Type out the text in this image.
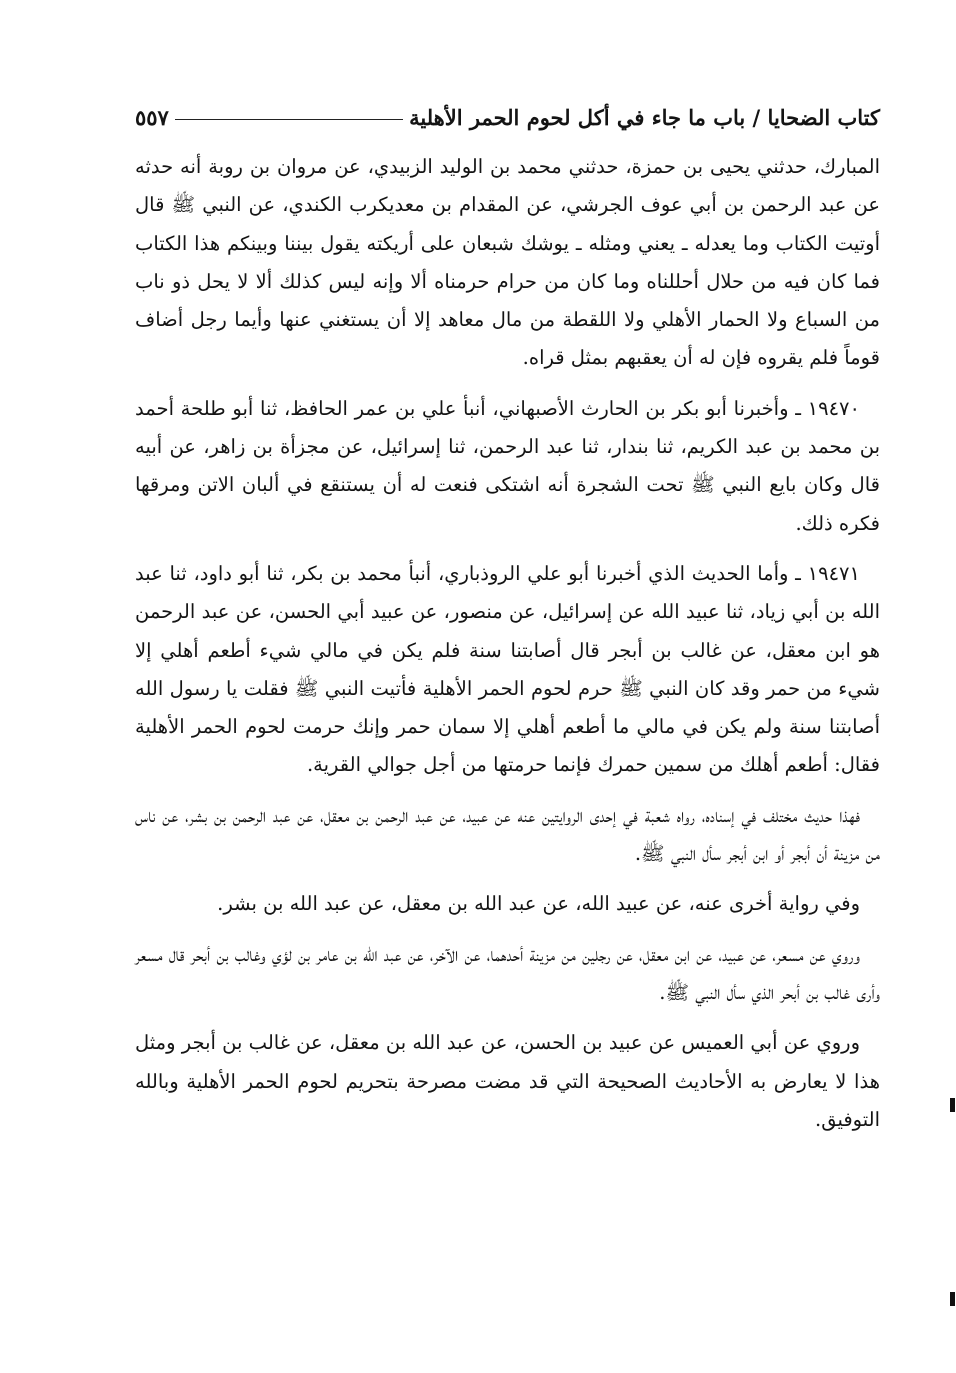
كتاب الضحايا / باب ما جاء في أكل لحوم الحمر الأهلية
٥٥٧

المبارك، حدثني يحيى بن حمزة، حدثني محمد بن الوليد الزبيدي، عن مروان بن روبة أنه حدثه عن عبد الرحمن بن أبي عوف الجرشي، عن المقدام بن معديكرب الكندي، عن النبي ﷺ قال أوتيت الكتاب وما يعدله ـ يعني ومثله ـ يوشك شبعان على أريكته يقول بيننا وبينكم هذا الكتاب فما كان فيه من حلال أحللناه وما كان من حرام حرمناه ألا وإنه ليس كذلك ألا لا يحل ذو ناب من السباع ولا الحمار الأهلي ولا اللقطة من مال معاهد إلا أن يستغني عنها وأيما رجل أضاف قوماً فلم يقروه فإن له أن يعقبهم بمثل قراه.

١٩٤٧٠ ـ وأخبرنا أبو بكر بن الحارث الأصبهاني، أنبأ علي بن عمر الحافظ، ثنا أبو طلحة أحمد بن محمد بن عبد الكريم، ثنا بندار، ثنا عبد الرحمن، ثنا إسرائيل، عن مجزأة بن زاهر، عن أبيه قال وكان بايع النبي ﷺ تحت الشجرة أنه اشتكى فنعت له أن يستنقع في ألبان الاتن ومرقها فكره ذلك.

١٩٤٧١ ـ وأما الحديث الذي أخبرنا أبو علي الروذباري، أنبأ محمد بن بكر، ثنا أبو داود، ثنا عبد الله بن أبي زياد، ثنا عبيد الله عن إسرائيل، عن منصور، عن عبيد أبي الحسن، عن عبد الرحمن هو ابن معقل، عن غالب بن أبجر قال أصابتنا سنة فلم يكن في مالي شيء أطعم أهلي إلا شيء من حمر وقد كان النبي ﷺ حرم لحوم الحمر الأهلية فأتيت النبي ﷺ فقلت يا رسول الله أصابتنا سنة ولم يكن في مالي ما أطعم أهلي إلا سمان حمر وإنك حرمت لحوم الحمر الأهلية فقال: أطعم أهلك من سمين حمرك فإنما حرمتها من أجل جوالي القرية.

فهذا حديث مختلف في إسناده، رواه شعبة في إحدى الروايتين عنه عن عبيد، عن عبد الرحمن بن معقل، عن عبد الرحمن بن بشر، عن ناس من مزينة أن أبجر أو ابن أبجر سأل النبي ﷺ.

وفي رواية أخرى عنه، عن عبيد الله، عن عبد الله بن معقل، عن عبد الله بن بشر.

وروي عن مسعر، عن عبيد، عن ابن معقل، عن رجلين من مزينة أحدهما، عن الآخر، عن عبد الله بن عامر بن لؤي وغالب بن أبحر قال مسعر وأرى غالب بن أبحر الذي سأل النبي ﷺ.

وروي عن أبي العميس عن عبيد بن الحسن، عن عبد الله بن معقل، عن غالب بن أبجر ومثل هذا لا يعارض به الأحاديث الصحيحة التي قد مضت مصرحة بتحريم لحوم الحمر الأهلية وبالله التوفيق.
